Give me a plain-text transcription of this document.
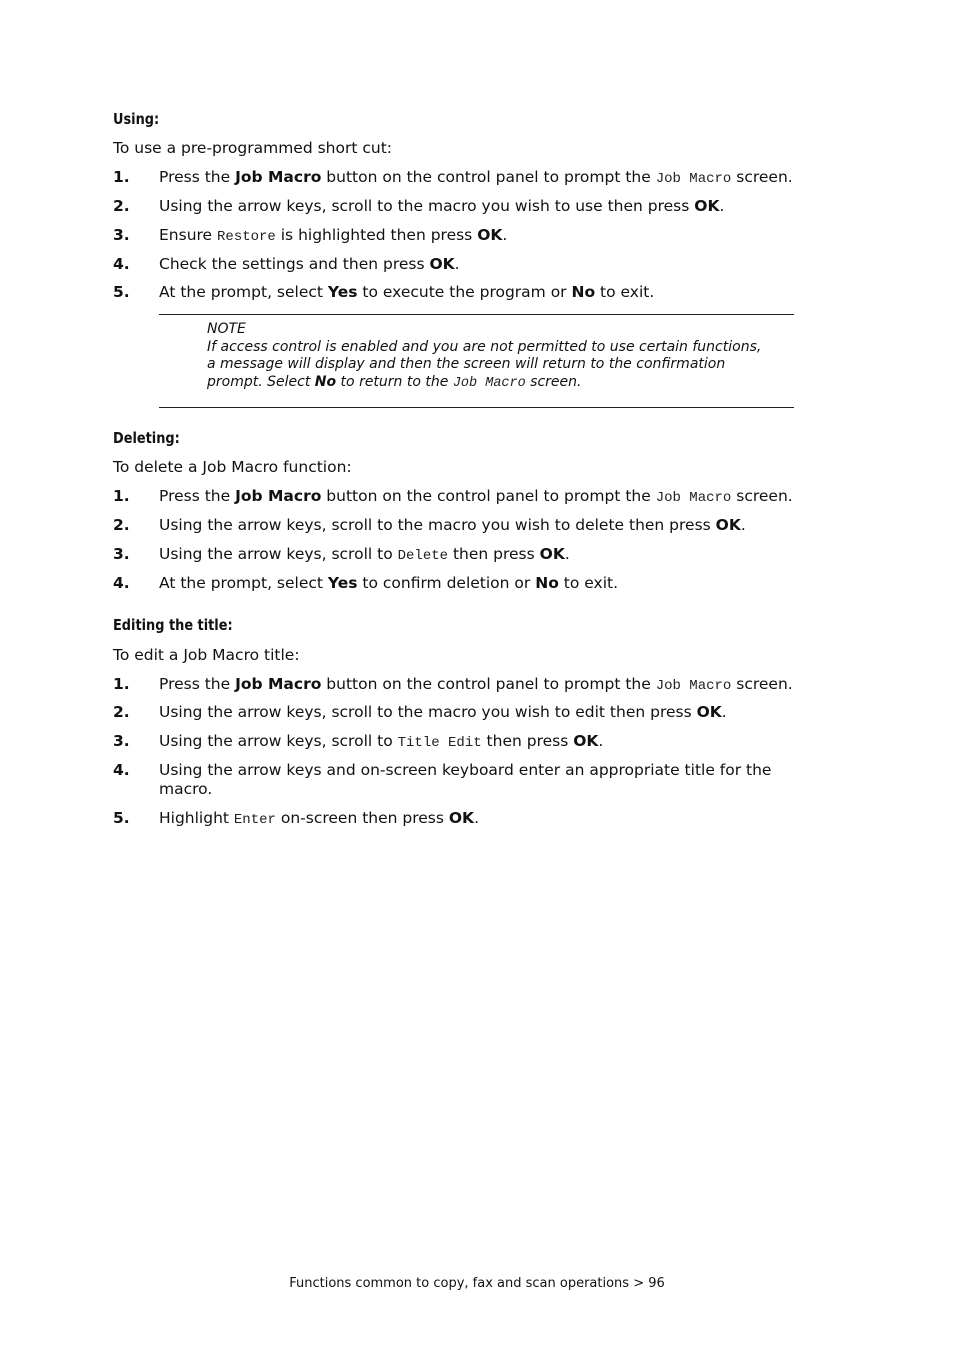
Using:
To use a pre-programmed short cut:
1. Press the Job Macro button on the control panel to prompt the Job Macro screen.
2. Using the arrow keys, scroll to the macro you wish to use then press OK.
3. Ensure Restore is highlighted then press OK.
4. Check the settings and then press OK.
5. At the prompt, select Yes to execute the program or No to exit.
NOTE
If access control is enabled and you are not permitted to use certain functions,
a message will display and then the screen will return to the confirmation
prompt. Select No to return to the Job Macro screen.
Deleting:
To delete a Job Macro function:
1. Press the Job Macro button on the control panel to prompt the Job Macro screen.
2. Using the arrow keys, scroll to the macro you wish to delete then press OK.
3. Using the arrow keys, scroll to Delete then press OK.
4. At the prompt, select Yes to confirm deletion or No to exit.
Editing the title:
To edit a Job Macro title:
1. Press the Job Macro button on the control panel to prompt the Job Macro screen.
2. Using the arrow keys, scroll to the macro you wish to edit then press OK.
3. Using the arrow keys, scroll to Title Edit then press OK.
4. Using the arrow keys and on-screen keyboard enter an appropriate title for the macro.
5. Highlight Enter on-screen then press OK.
Functions common to copy, fax and scan operations > 96
